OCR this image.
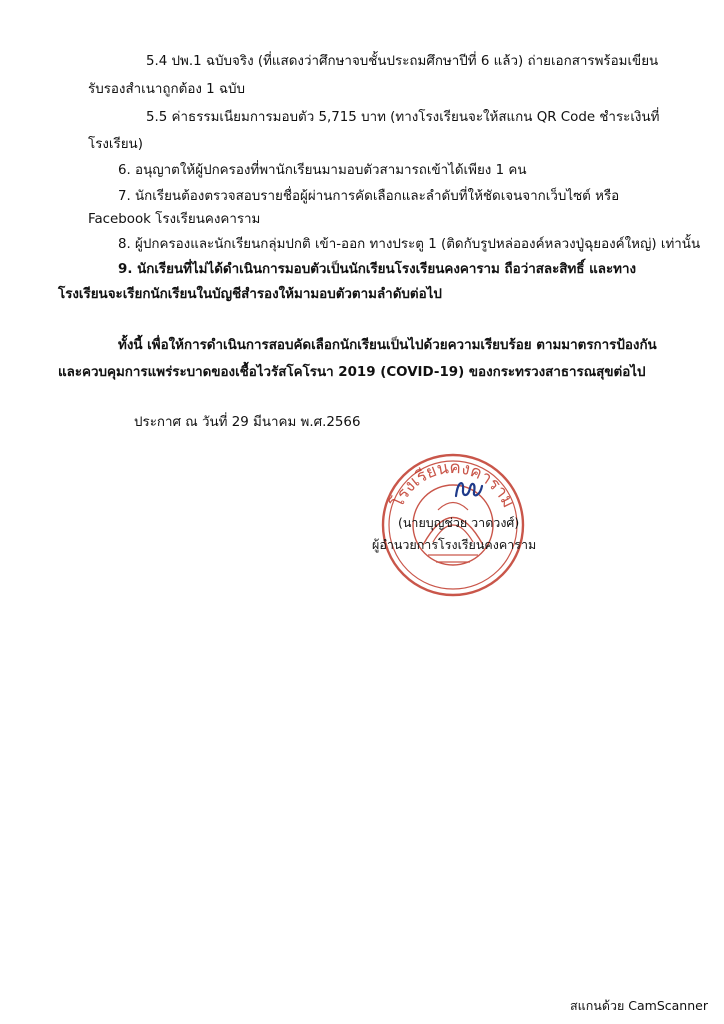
5.4 ปพ.1 ฉบับจริง (ที่แสดงว่าศึกษาจบชั้นประถมศึกษาปีที่ 6 แล้ว) ถ่ายเอกสารพร้อมเขียน
รับรองสำเนาถูกต้อง 1 ฉบับ
5.5 ค่าธรรมเนียมการมอบตัว 5,715 บาท (ทางโรงเรียนจะให้สแกน QR Code ชำระเงินที่
โรงเรียน)
6. อนุญาตให้ผู้ปกครองที่พานักเรียนมามอบตัวสามารถเข้าได้เพียง 1 คน
7. นักเรียนต้องตรวจสอบรายชื่อผู้ผ่านการคัดเลือกและลำดับที่ให้ชัดเจนจากเว็บไซต์ หรือ
Facebook โรงเรียนคงคาราม
8. ผู้ปกครองและนักเรียนกลุ่มปกติ เข้า-ออก ทางประตู 1 (ติดกับรูปหล่อองค์หลวงปู่ฉุยองค์ใหญ่) เท่านั้น
9. นักเรียนที่ไม่ได้ดำเนินการมอบตัวเป็นนักเรียนโรงเรียนคงคาราม ถือว่าสละสิทธิ์ และทาง
โรงเรียนจะเรียกนักเรียนในบัญชีสำรองให้มามอบตัวตามลำดับต่อไป
ทั้งนี้ เพื่อให้การดำเนินการสอบคัดเลือกนักเรียนเป็นไปด้วยความเรียบร้อย ตามมาตรการป้องกัน
และควบคุมการแพร่ระบาดของเชื้อไวรัสโคโรนา 2019 (COVID-19) ของกระทรวงสาธารณสุขต่อไป
ประกาศ ณ วันที่ 29 มีนาคม พ.ศ.2566
โรงเรียนคงคาราม
(นายบุญช่วย วาดวงศ์)
ผู้อำนวยการโรงเรียนคงคาราม
สแกนด้วย CamScanner
